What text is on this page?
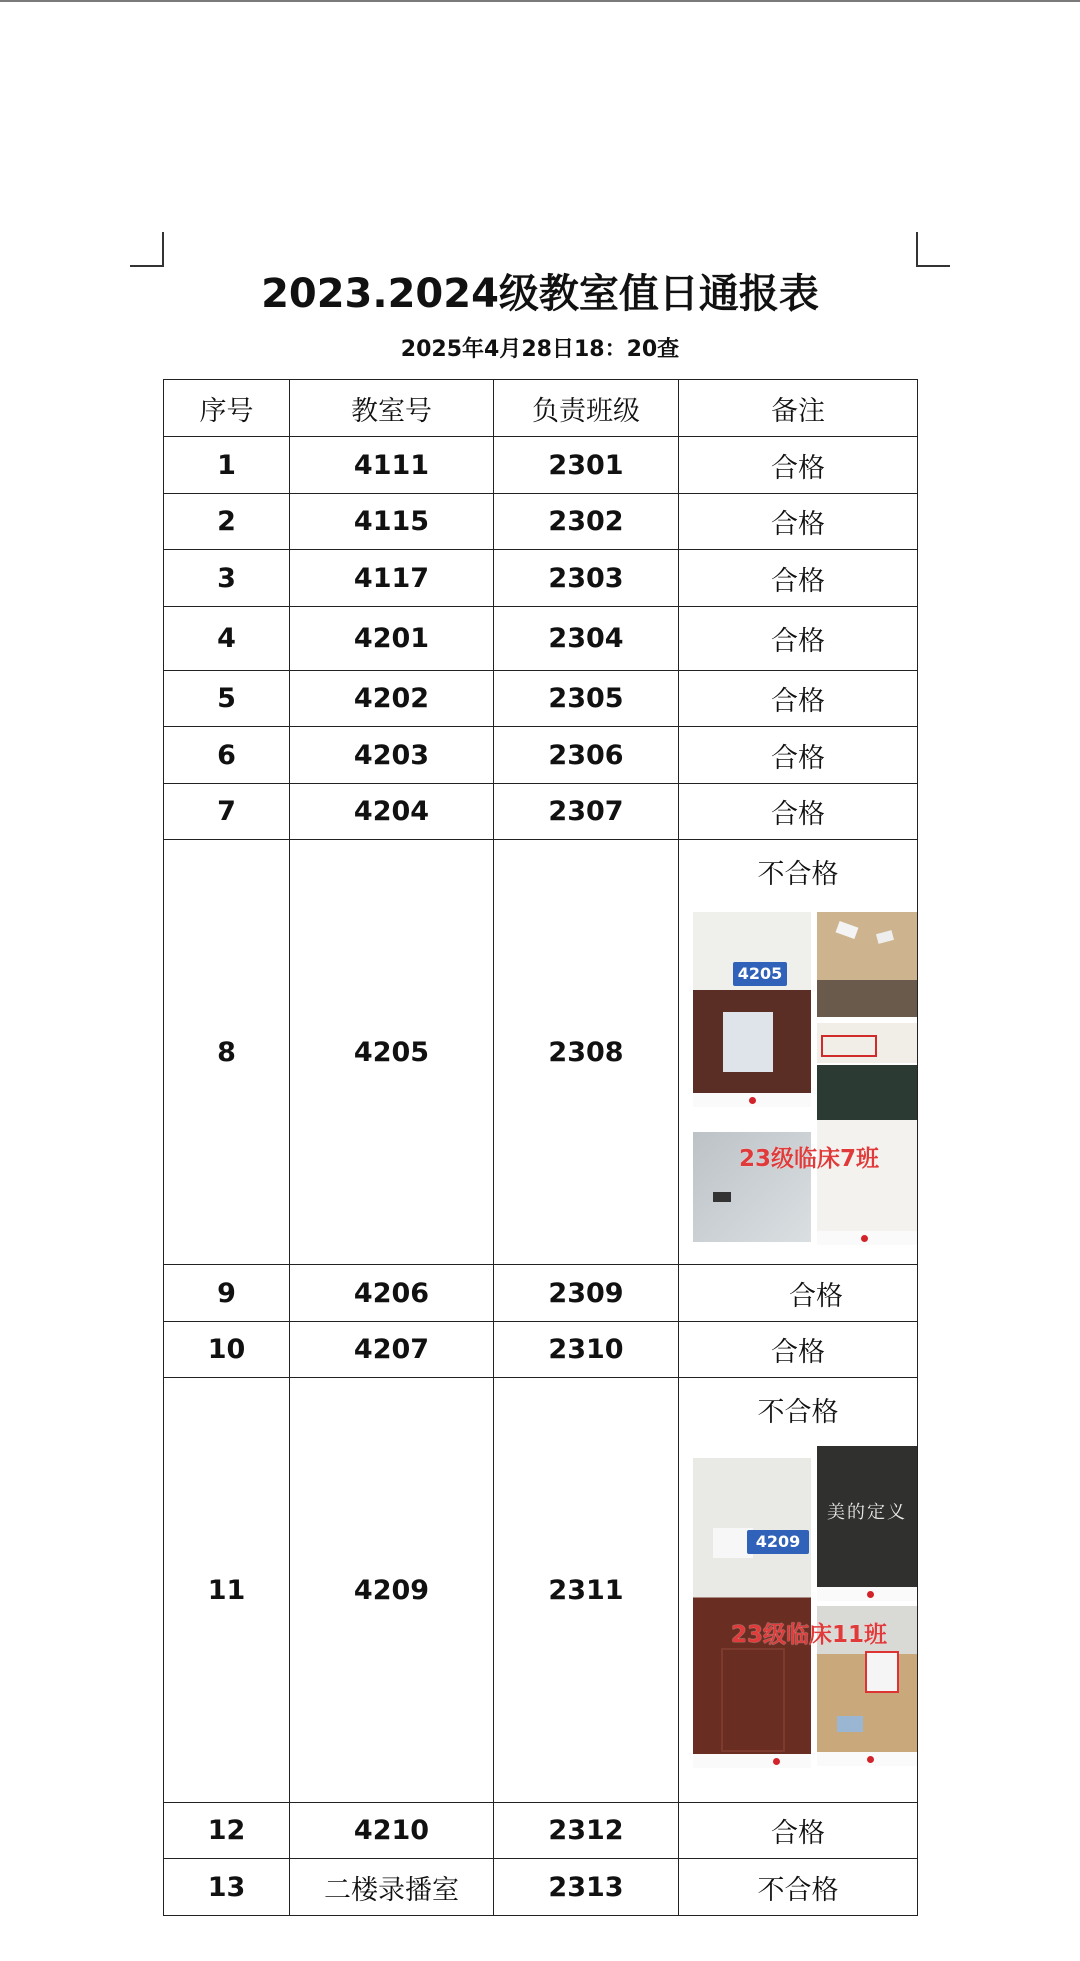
2023.2024级教室值日通报表
2025年4月28日18：20查
序号	教室号	负责班级	备注
1	4111	2301	合格
2	4115	2302	合格
3	4117	2303	合格
4	4201	2304	合格
5	4202	2305	合格
6	4203	2306	合格
7	4204	2307	合格
8	4205	2308	不合格
4205
23级临床7班

9	4206	2309	合格
10	4207	2310	合格
11	4209	2311	不合格
4209
美的定义
23级临床11班

12	4210	2312	合格
13	二楼录播室	2313	不合格
